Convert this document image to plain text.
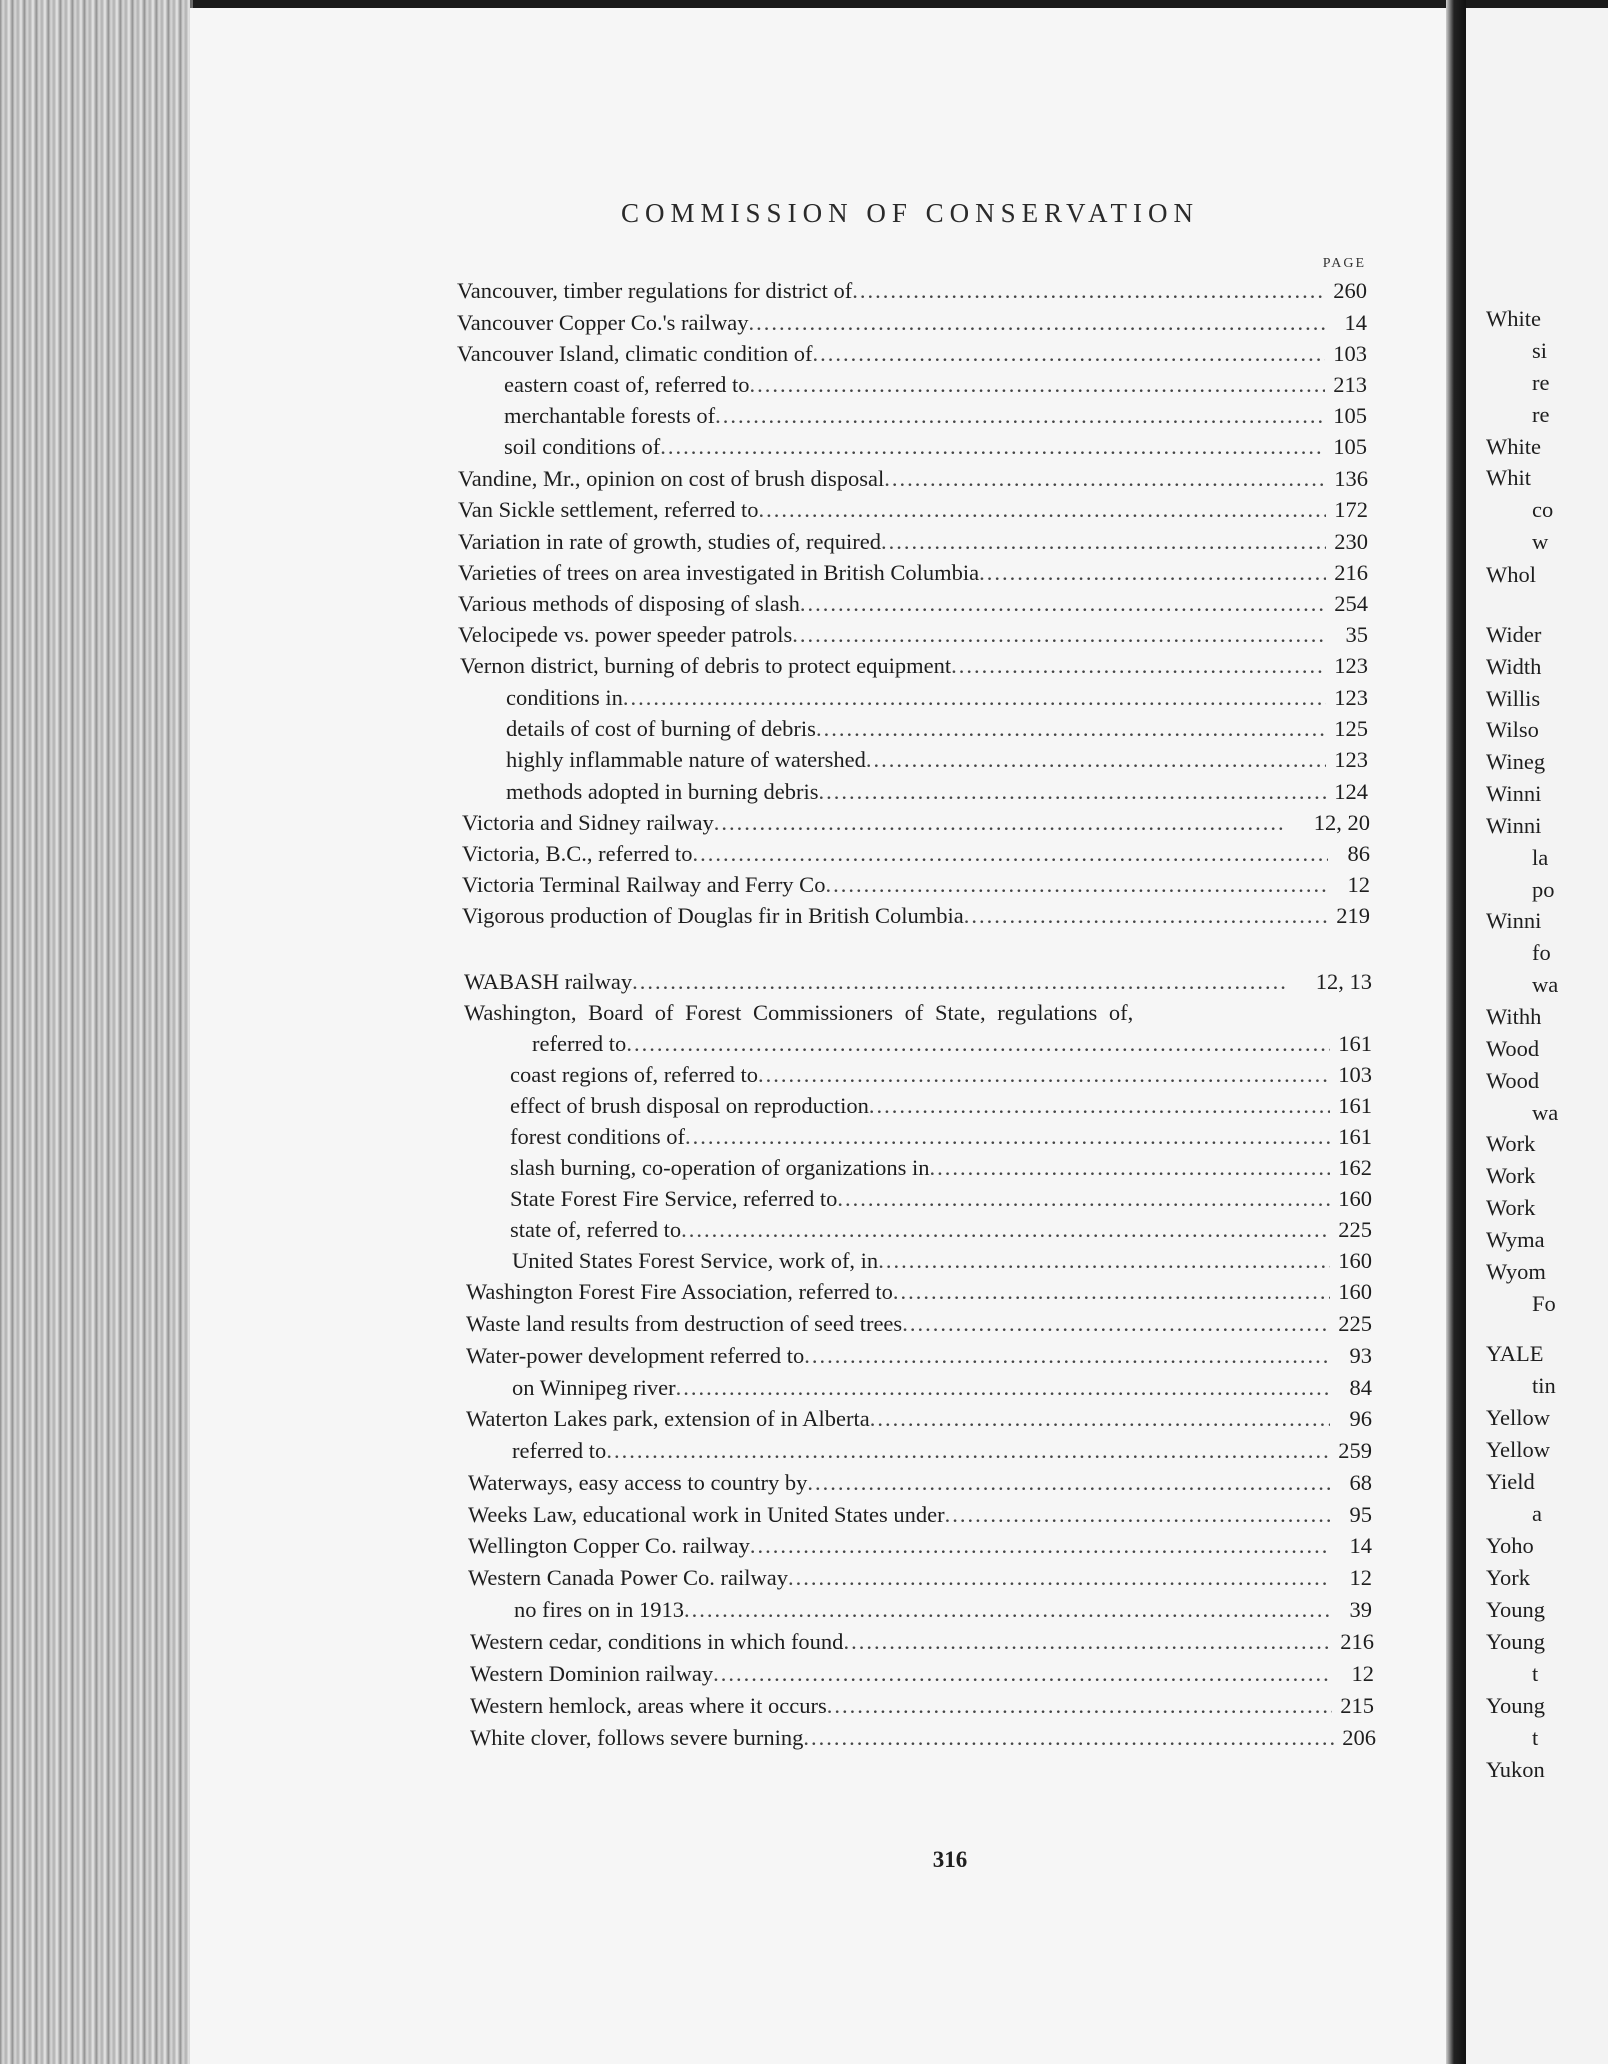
White
si
re
re
White
Whit
co
w
Whol
Wider
Width
Willis
Wilso
Wineg
Winni
Winni
la
po
Winni
fo
wa
Withh
Wood
Wood
wa
Work
Work
Work
Wyma
Wyom
Fo
YALE
tin
Yellow
Yellow
Yield
a
Yoho
York
Young
Young
t
Young
t
Yukon
COMMISSION OF CONSERVATION
PAGE
Vancouver, timber regulations for district of .....	260
Vancouver Copper Co.'s railway .....	14
Vancouver Island, climatic condition of .....	103
eastern coast of, referred to .....	213
merchantable forests of .....	105
soil conditions of .....	105
Vandine, Mr., opinion on cost of brush disposal .....	136
Van Sickle settlement, referred to .....	172
Variation in rate of growth, studies of, required .....	230
Varieties of trees on area investigated in British Columbia .....	216
Various methods of disposing of slash .....	254
Velocipede vs. power speeder patrols .....	35
Vernon district, burning of debris to protect equipment .....	123
conditions in .....	123
details of cost of burning of debris .....	125
highly inflammable nature of watershed .....	123
methods adopted in burning debris .....	124
Victoria and Sidney railway .....	12, 20
Victoria, B.C., referred to .....	86
Victoria Terminal Railway and Ferry Co .....	12
Vigorous production of Douglas fir in British Columbia .....	219
WABASH railway .....	12, 13
Washington, Board of Forest Commissioners of State, regulations of,
referred to .....	161
coast regions of, referred to .....	103
effect of brush disposal on reproduction .....	161
forest conditions of .....	161
slash burning, co-operation of organizations in .....	162
State Forest Fire Service, referred to .....	160
state of, referred to .....	225
United States Forest Service, work of, in .....	160
Washington Forest Fire Association, referred to .....	160
Waste land results from destruction of seed trees .....	225
Water-power development referred to .....	93
on Winnipeg river .....	84
Waterton Lakes park, extension of in Alberta .....	96
referred to .....	259
Waterways, easy access to country by .....	68
Weeks Law, educational work in United States under .....	95
Wellington Copper Co. railway .....	14
Western Canada Power Co. railway .....	12
no fires on in 1913 .....	39
Western cedar, conditions in which found .....	216
Western Dominion railway .....	12
Western hemlock, areas where it occurs .....	215
White clover, follows severe burning .....	206
316
